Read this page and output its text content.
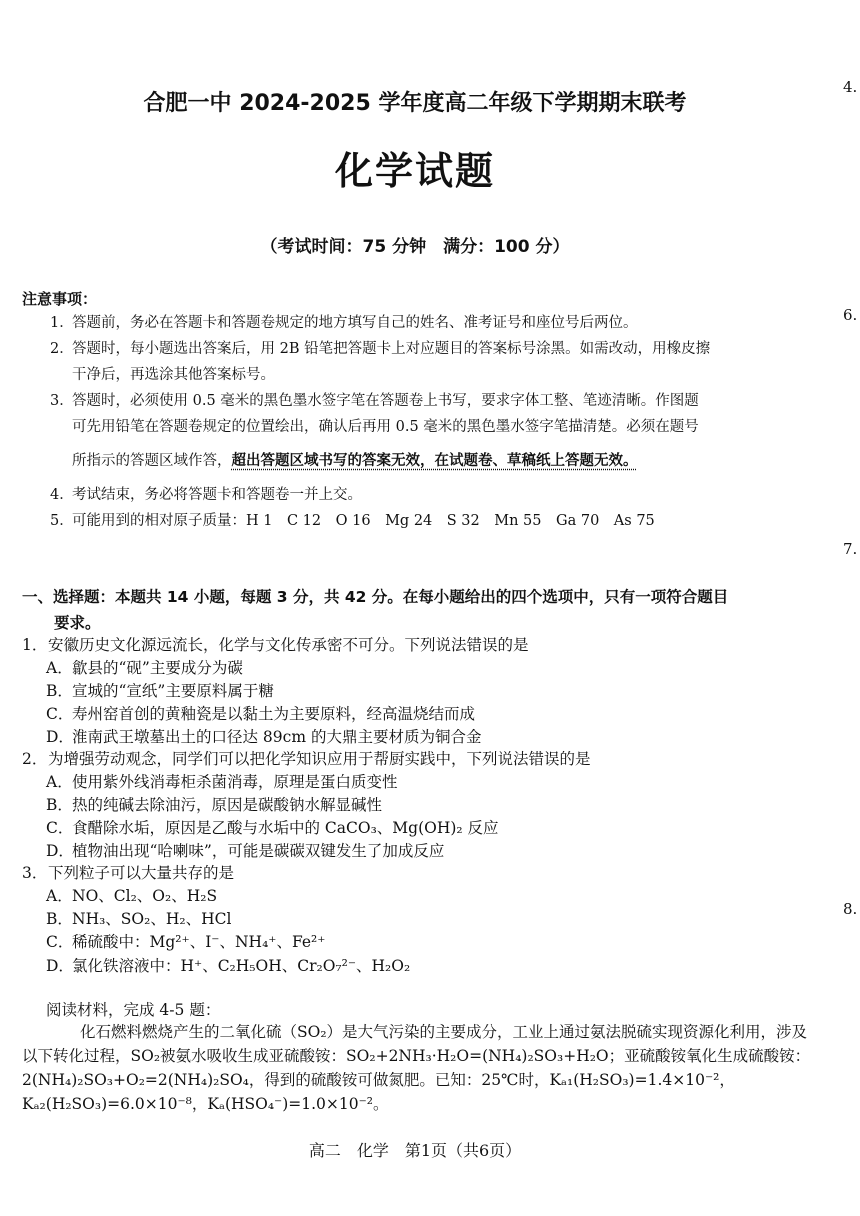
合肥一中 2024-2025 学年度高二年级下学期期末联考
化学试题
（考试时间：75 分钟　满分：100 分）
注意事项：
1．答题前，务必在答题卡和答题卷规定的地方填写自己的姓名、准考证号和座位号后两位。
2．答题时，每小题选出答案后，用 2B 铅笔把答题卡上对应题目的答案标号涂黑。如需改动，用橡皮擦
干净后，再选涂其他答案标号。
3．答题时，必须使用 0.5 毫米的黑色墨水签字笔在答题卷上书写，要求字体工整、笔迹清晰。作图题
可先用铅笔在答题卷规定的位置绘出，确认后再用 0.5 毫米的黑色墨水签字笔描清楚。必须在题号
所指示的答题区域作答，超出答题区域书写的答案无效，在试题卷、草稿纸上答题无效。
4．考试结束，务必将答题卡和答题卷一并上交。
5．可能用到的相对原子质量：H 1　C 12　O 16　Mg 24　S 32　Mn 55　Ga 70　As 75
4.
6.
7.
8.
一、选择题：本题共 14 小题，每题 3 分，共 42 分。在每小题给出的四个选项中，只有一项符合题目
要求。
1．安徽历史文化源远流长，化学与文化传承密不可分。下列说法错误的是
A．歙县的“砚”主要成分为碳
B．宣城的“宣纸”主要原料属于糖
C．寿州窑首创的黄釉瓷是以黏土为主要原料，经高温烧结而成
D．淮南武王墩墓出土的口径达 89cm 的大鼎主要材质为铜合金
2．为增强劳动观念，同学们可以把化学知识应用于帮厨实践中，下列说法错误的是
A．使用紫外线消毒柜杀菌消毒，原理是蛋白质变性
B．热的纯碱去除油污，原因是碳酸钠水解显碱性
C．食醋除水垢，原因是乙酸与水垢中的 CaCO₃、Mg(OH)₂ 反应
D．植物油出现“哈喇味”，可能是碳碳双键发生了加成反应
3．下列粒子可以大量共存的是
A．NO、Cl₂、O₂、H₂S
B．NH₃、SO₂、H₂、HCl
C．稀硫酸中：Mg²⁺、I⁻、NH₄⁺、Fe²⁺
D．氯化铁溶液中：H⁺、C₂H₅OH、Cr₂O₇²⁻、H₂O₂
阅读材料，完成 4-5 题：
化石燃料燃烧产生的二氧化硫（SO₂）是大气污染的主要成分，工业上通过氨法脱硫实现资源化利用，涉及以下转化过程，SO₂被氨水吸收生成亚硫酸铵：SO₂+2NH₃·H₂O=(NH₄)₂SO₃+H₂O；亚硫酸铵氧化生成硫酸铵：2(NH₄)₂SO₃+O₂=2(NH₄)₂SO₄，得到的硫酸铵可做氮肥。已知：25℃时，Kₐ₁(H₂SO₃)=1.4×10⁻²，Kₐ₂(H₂SO₃)=6.0×10⁻⁸，Kₐ(HSO₄⁻)=1.0×10⁻²。
高二　化学　第1页（共6页）
